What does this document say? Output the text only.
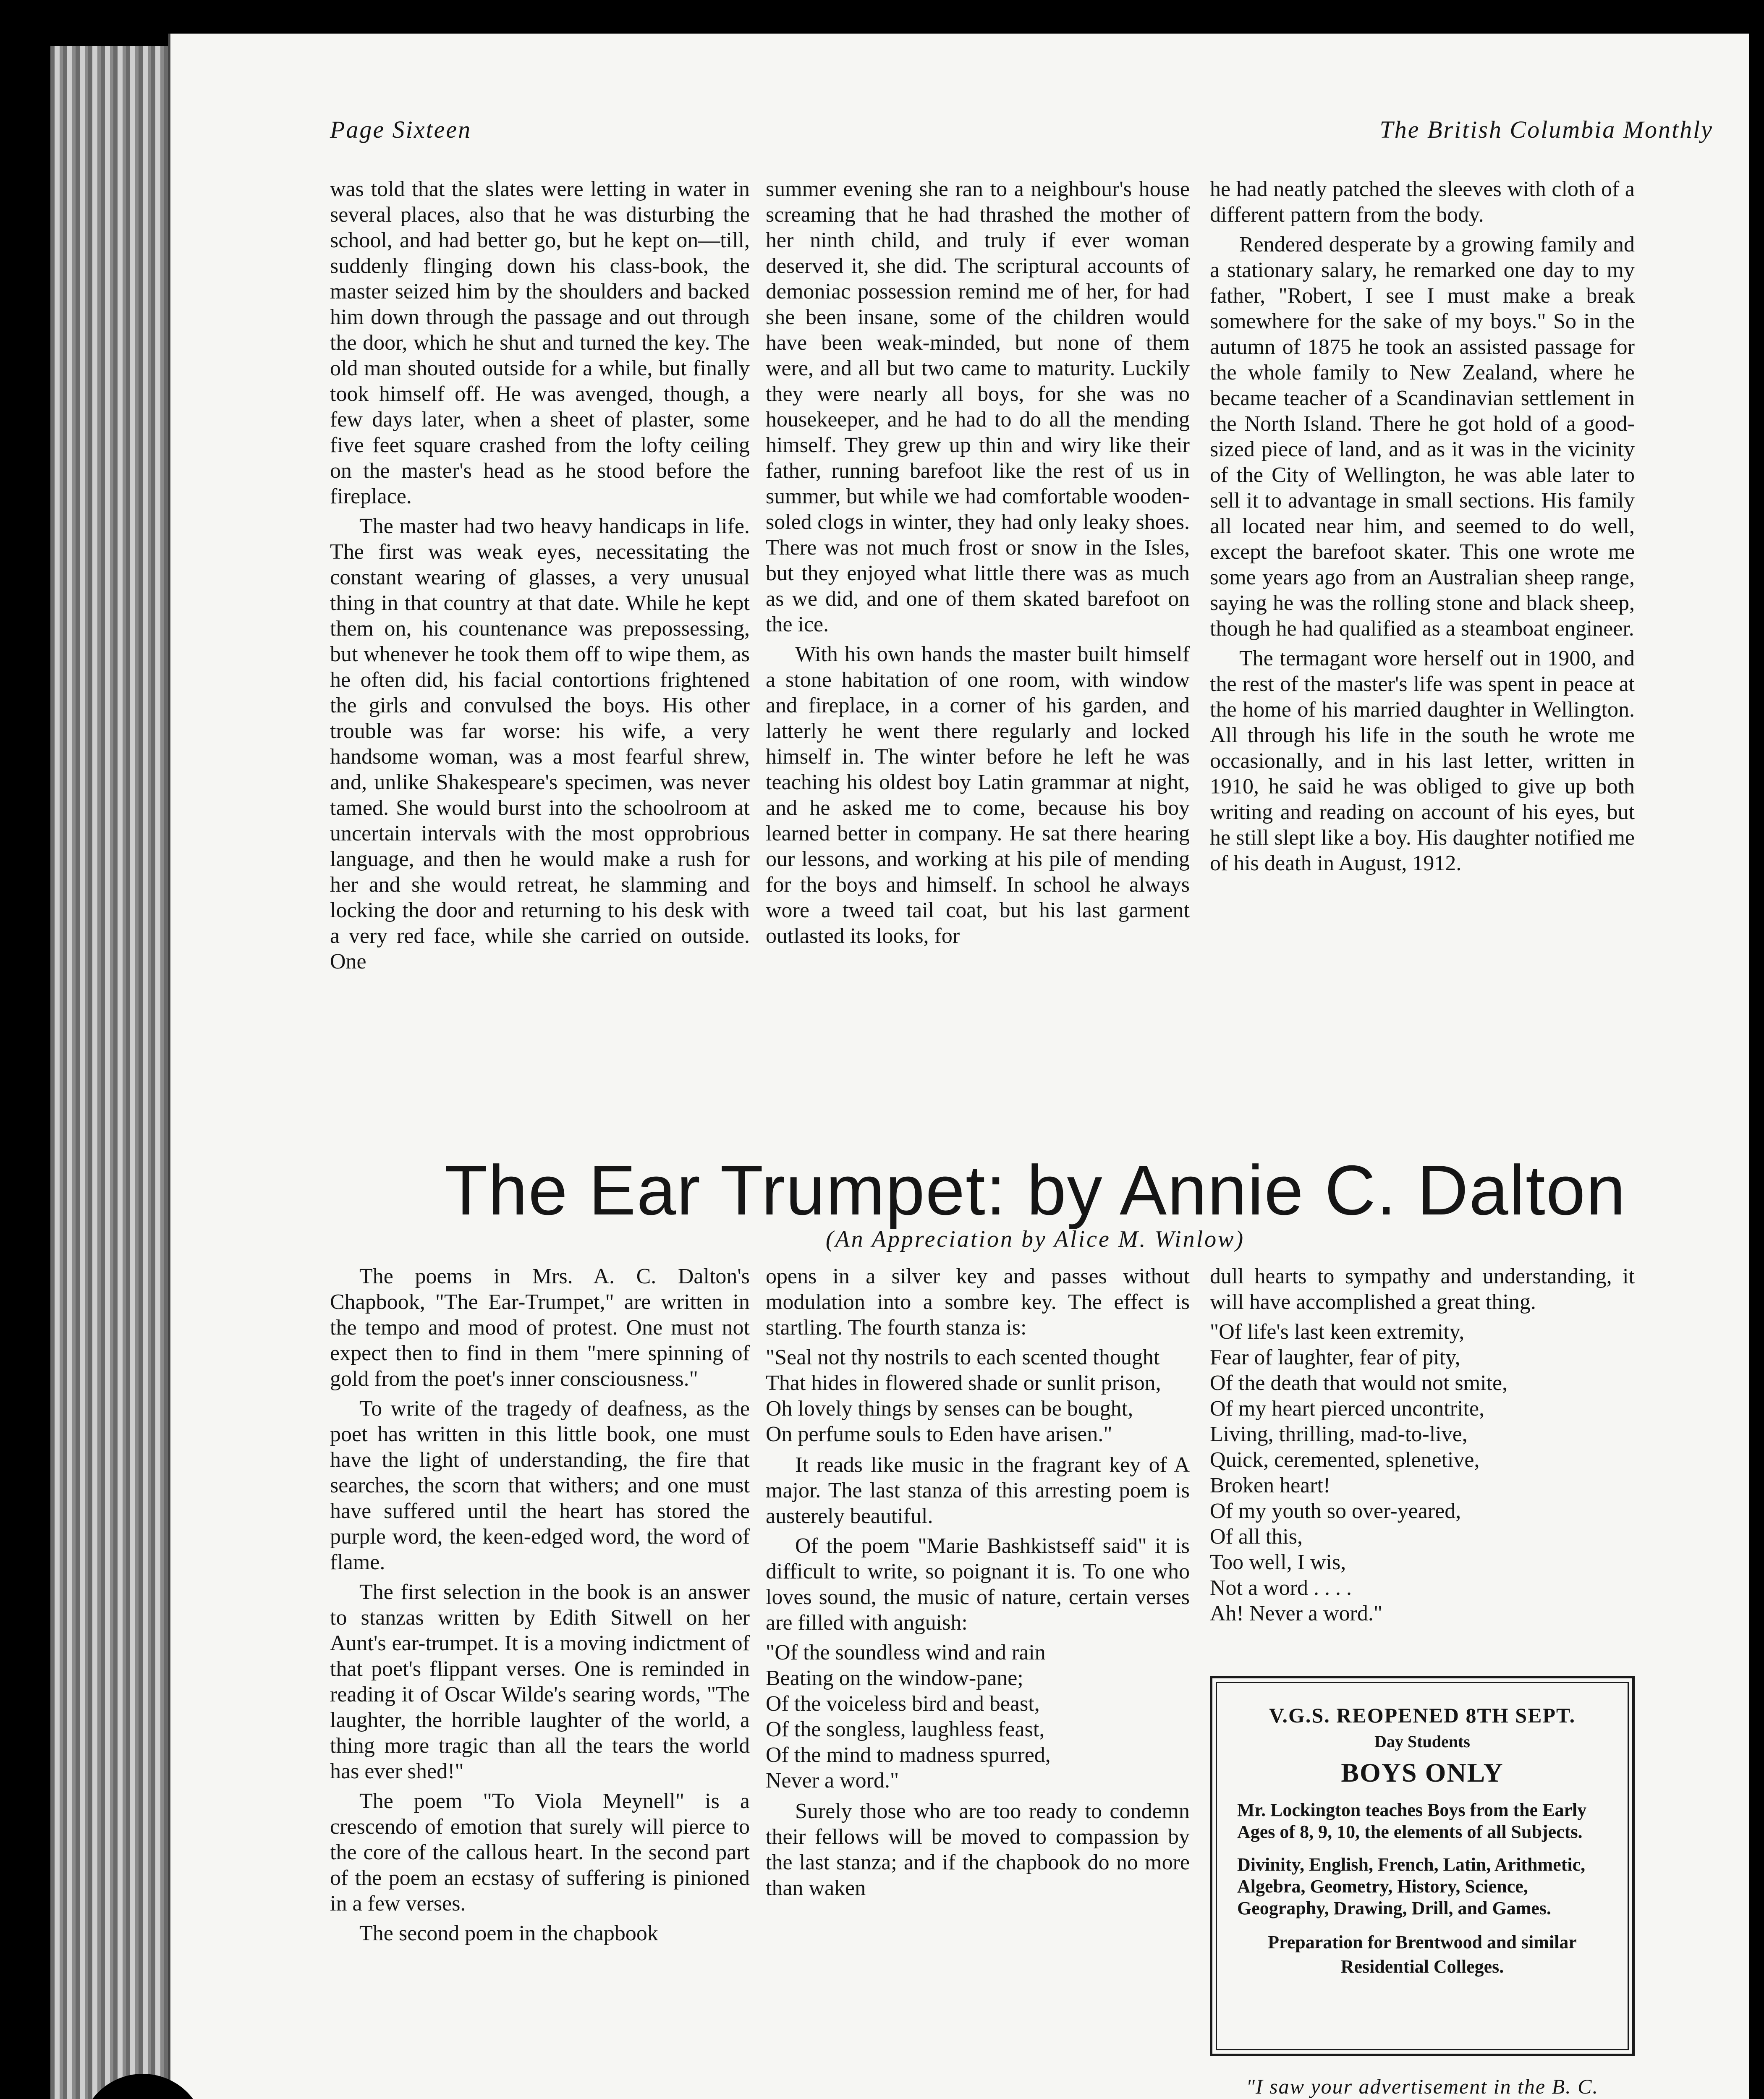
Page Sixteen	The British Columbia Monthly

was told that the slates were letting in water in several places, also that he was disturbing the school, and had better go, but he kept on—till, suddenly flinging down his class-book, the master seized him by the shoulders and backed him down through the passage and out through the door, which he shut and turned the key. The old man shouted outside for a while, but finally took himself off. He was avenged, though, a few days later, when a sheet of plaster, some five feet square crashed from the lofty ceiling on the master's head as he stood before the fireplace.

The master had two heavy handicaps in life. The first was weak eyes, necessitating the constant wearing of glasses, a very unusual thing in that country at that date. While he kept them on, his countenance was prepossessing, but whenever he took them off to wipe them, as he often did, his facial contortions frightened the girls and convulsed the boys. His other trouble was far worse: his wife, a very handsome woman, was a most fearful shrew, and, unlike Shakespeare's specimen, was never tamed. She would burst into the schoolroom at uncertain intervals with the most opprobrious language, and then he would make a rush for her and she would retreat, he slamming and locking the door and returning to his desk with a very red face, while she carried on outside. One

summer evening she ran to a neighbour's house screaming that he had thrashed the mother of her ninth child, and truly if ever woman deserved it, she did. The scriptural accounts of demoniac possession remind me of her, for had she been insane, some of the children would have been weak-minded, but none of them were, and all but two came to maturity. Luckily they were nearly all boys, for she was no housekeeper, and he had to do all the mending himself. They grew up thin and wiry like their father, running barefoot like the rest of us in summer, but while we had comfortable wooden-soled clogs in winter, they had only leaky shoes. There was not much frost or snow in the Isles, but they enjoyed what little there was as much as we did, and one of them skated barefoot on the ice.

With his own hands the master built himself a stone habitation of one room, with window and fireplace, in a corner of his garden, and latterly he went there regularly and locked himself in. The winter before he left he was teaching his oldest boy Latin grammar at night, and he asked me to come, because his boy learned better in company. He sat there hearing our lessons, and working at his pile of mending for the boys and himself. In school he always wore a tweed tail coat, but his last garment outlasted its looks, for

he had neatly patched the sleeves with cloth of a different pattern from the body.

Rendered desperate by a growing family and a stationary salary, he remarked one day to my father, "Robert, I see I must make a break somewhere for the sake of my boys." So in the autumn of 1875 he took an assisted passage for the whole family to New Zealand, where he became teacher of a Scandinavian settlement in the North Island. There he got hold of a good-sized piece of land, and as it was in the vicinity of the City of Wellington, he was able later to sell it to advantage in small sections. His family all located near him, and seemed to do well, except the barefoot skater. This one wrote me some years ago from an Australian sheep range, saying he was the rolling stone and black sheep, though he had qualified as a steamboat engineer.

The termagant wore herself out in 1900, and the rest of the master's life was spent in peace at the home of his married daughter in Wellington. All through his life in the south he wrote me occasionally, and in his last letter, written in 1910, he said he was obliged to give up both writing and reading on account of his eyes, but he still slept like a boy. His daughter notified me of his death in August, 1912.

The Ear Trumpet: by Annie C. Dalton
(An Appreciation by Alice M. Winlow)

The poems in Mrs. A. C. Dalton's Chapbook, "The Ear-Trumpet," are written in the tempo and mood of protest. One must not expect then to find in them "mere spinning of gold from the poet's inner consciousness."

To write of the tragedy of deafness, as the poet has written in this little book, one must have the light of understanding, the fire that searches, the scorn that withers; and one must have suffered until the heart has stored the purple word, the keen-edged word, the word of flame.

The first selection in the book is an answer to stanzas written by Edith Sitwell on her Aunt's ear-trumpet. It is a moving indictment of that poet's flippant verses. One is reminded in reading it of Oscar Wilde's searing words, "The laughter, the horrible laughter of the world, a thing more tragic than all the tears the world has ever shed!"

The poem "To Viola Meynell" is a crescendo of emotion that surely will pierce to the core of the callous heart. In the second part of the poem an ecstasy of suffering is pinioned in a few verses.

The second poem in the chapbook

opens in a silver key and passes without modulation into a sombre key. The effect is startling. The fourth stanza is:

"Seal not thy nostrils to each scented thought
That hides in flowered shade or sunlit prison,
Oh lovely things by senses can be bought,
On perfume souls to Eden have arisen."

It reads like music in the fragrant key of A major. The last stanza of this arresting poem is austerely beautiful.

Of the poem "Marie Bashkistseff said" it is difficult to write, so poignant it is. To one who loves sound, the music of nature, certain verses are filled with anguish:

"Of the soundless wind and rain
Beating on the window-pane;
Of the voiceless bird and beast,
Of the songless, laughless feast,
Of the mind to madness spurred,
Never a word."

Surely those who are too ready to condemn their fellows will be moved to compassion by the last stanza; and if the chapbook do no more than waken

dull hearts to sympathy and understanding, it will have accomplished a great thing.

"Of life's last keen extremity,
Fear of laughter, fear of pity,
Of the death that would not smite,
Of my heart pierced uncontrite,
Living, thrilling, mad-to-live,
Quick, ceremented, splenetive,
Broken heart!
Of my youth so over-yeared,
Of all this,
Too well, I wis,
Not a word . . . .
Ah! Never a word."
V.G.S. REOPENED 8TH SEPT.
Day Students
BOYS ONLY
Mr. Lockington teaches Boys from the Early Ages of 8, 9, 10, the elements of all Subjects.
Divinity, English, French, Latin, Arithmetic, Algebra, Geometry, History, Science, Geography, Drawing, Drill, and Games.
Preparation for Brentwood and similar Residential Colleges.
"I saw your advertisement in the B. C.
